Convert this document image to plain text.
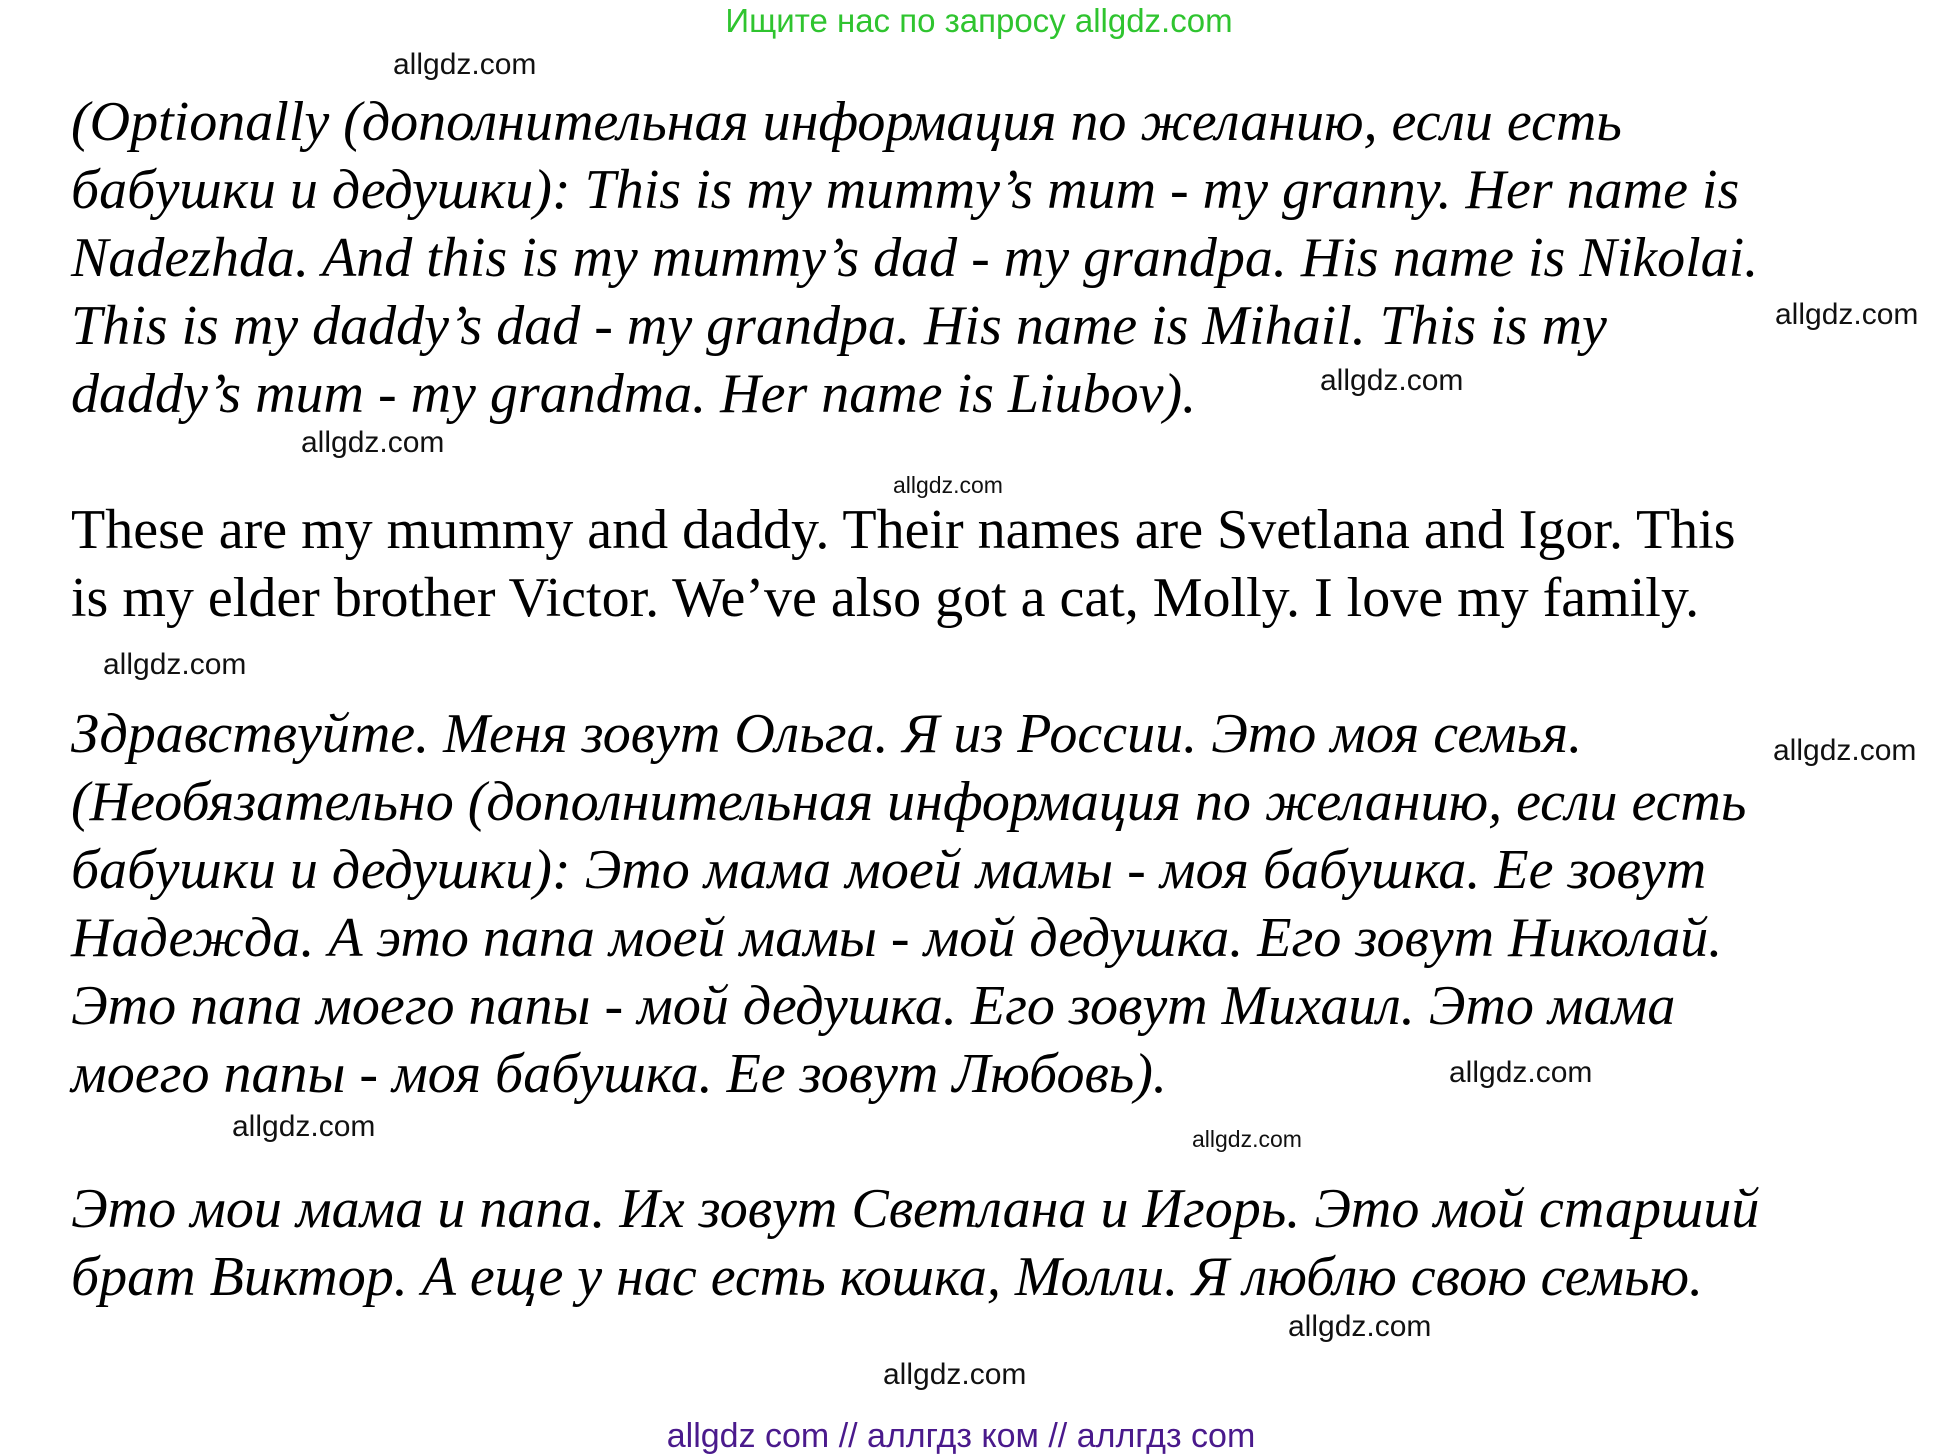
Ищите нас по запросу allgdz.com
(Optionally (дополнительная информация по желанию, если есть
бабушки и дедушки): This is my mummy’s mum - my granny. Her name is
Nadezhda. And this is my mummy’s dad - my grandpa. His name is Nikolai.
This is my daddy’s dad - my grandpa. His name is Mihail. This is my
daddy’s mum - my grandma. Her name is Liubov).
These are my mummy and daddy. Their names are Svetlana and Igor. This
is my elder brother Victor. We’ve also got a cat, Molly. I love my family.
Здравствуйте. Меня зовут Ольга. Я из России. Это моя семья.
(Необязательно (дополнительная информация по желанию, если есть
бабушки и дедушки): Это мама моей мамы - моя бабушка. Ее зовут
Надежда. А это папа моей мамы - мой дедушка. Его зовут Николай.
Это папа моего папы - мой дедушка. Его зовут Михаил. Это мама
моего папы - моя бабушка. Ее зовут Любовь).
Это мои мама и папа. Их зовут Светлана и Игорь. Это мой старший
брат Виктор. А еще у нас есть кошка, Молли. Я люблю свою семью.
allgdz.com
allgdz.com
allgdz.com
allgdz.com
allgdz.com
allgdz.com
allgdz.com
allgdz.com
allgdz.com
allgdz.com
allgdz.com
allgdz.com
allgdz com // аллгдз ком // аллгдз com
